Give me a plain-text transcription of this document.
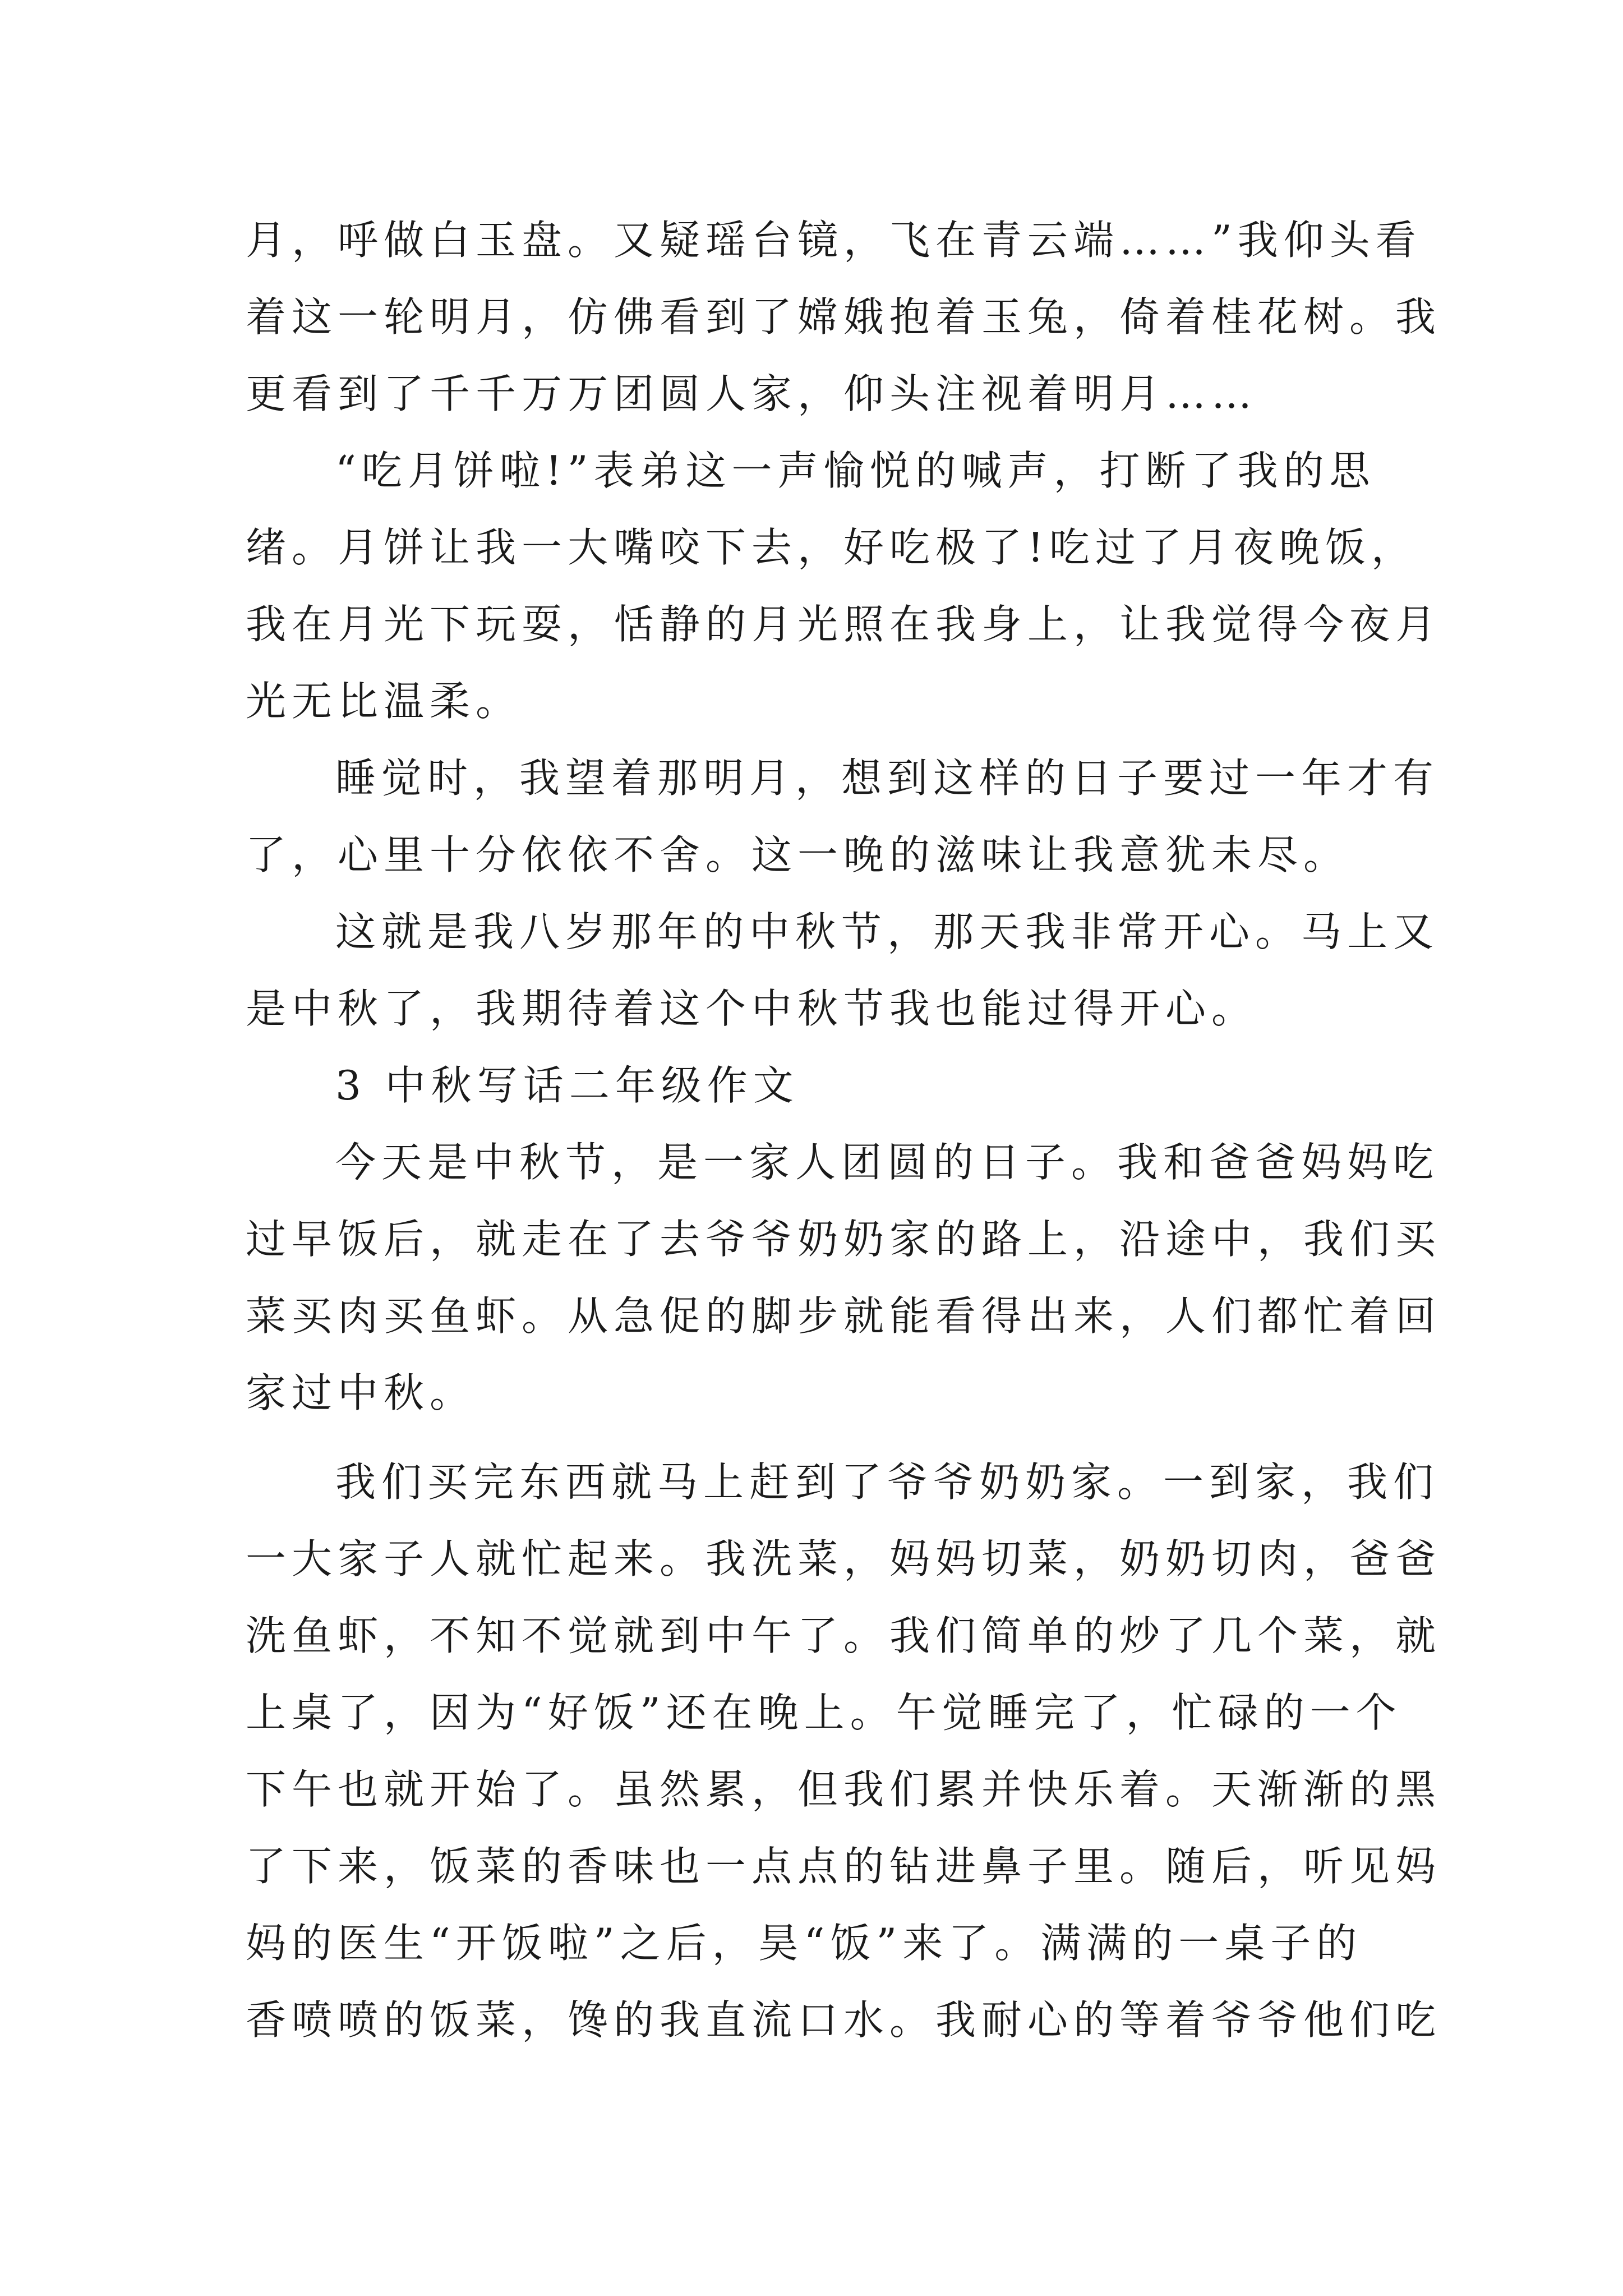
月，呼做白玉盘。又疑瑶台镜，飞在青云端……”我仰头看
着这一轮明月，仿佛看到了嫦娥抱着玉兔，倚着桂花树。我
更看到了千千万万团圆人家，仰头注视着明月……
“吃月饼啦!”表弟这一声愉悦的喊声，打断了我的思
绪。月饼让我一大嘴咬下去，好吃极了!吃过了月夜晚饭，
我在月光下玩耍，恬静的月光照在我身上，让我觉得今夜月
光无比温柔。
睡觉时，我望着那明月，想到这样的日子要过一年才有
了，心里十分依依不舍。这一晚的滋味让我意犹未尽。
这就是我八岁那年的中秋节，那天我非常开心。马上又
是中秋了，我期待着这个中秋节我也能过得开心。
3 中秋写话二年级作文
今天是中秋节，是一家人团圆的日子。我和爸爸妈妈吃
过早饭后，就走在了去爷爷奶奶家的路上，沿途中，我们买
菜买肉买鱼虾。从急促的脚步就能看得出来，人们都忙着回
家过中秋。
我们买完东西就马上赶到了爷爷奶奶家。一到家，我们
一大家子人就忙起来。我洗菜，妈妈切菜，奶奶切肉，爸爸
洗鱼虾，不知不觉就到中午了。我们简单的炒了几个菜，就
上桌了，因为“好饭”还在晚上。午觉睡完了，忙碌的一个
下午也就开始了。虽然累，但我们累并快乐着。天渐渐的黑
了下来，饭菜的香味也一点点的钻进鼻子里。随后，听见妈
妈的医生“开饭啦”之后，昊“饭”来了。满满的一桌子的
香喷喷的饭菜，馋的我直流口水。我耐心的等着爷爷他们吃
